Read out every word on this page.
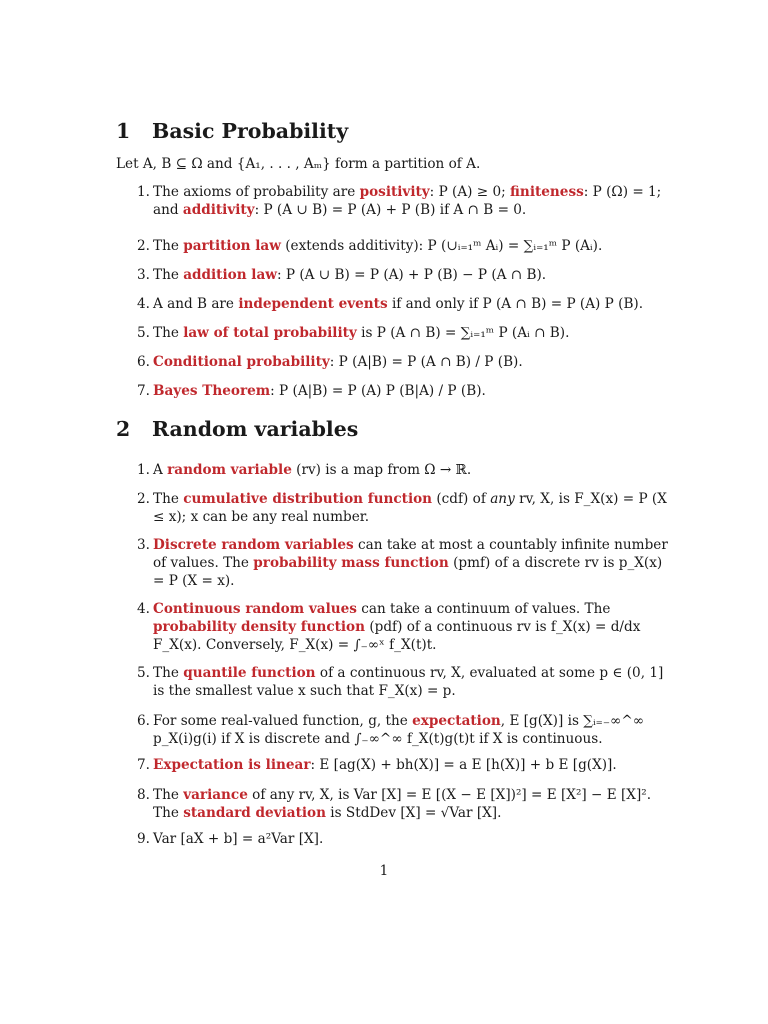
1 Basic Probability
Let A, B ⊆ Ω and {A₁, . . . , Aₘ} form a partition of A.
1. The axioms of probability are positivity: P (A) ≥ 0; finiteness: P (Ω) = 1; and additivity: P (A ∪ B) = P (A) + P (B) if A ∩ B = 0.
2. The partition law (extends additivity): P (∪ᵢ₌₁ᵐ Aᵢ) = ∑ᵢ₌₁ᵐ P (Aᵢ).
3. The addition law: P (A ∪ B) = P (A) + P (B) − P (A ∩ B).
4. A and B are independent events if and only if P (A ∩ B) = P (A) P (B).
5. The law of total probability is P (A ∩ B) = ∑ᵢ₌₁ᵐ P (Aᵢ ∩ B).
6. Conditional probability: P (A|B) = P (A ∩ B) / P (B).
7. Bayes Theorem: P (A|B) = P (A) P (B|A) / P (B).
2 Random variables
1. A random variable (rv) is a map from Ω → ℝ.
2. The cumulative distribution function (cdf) of any rv, X, is F_X(x) = P (X ≤ x); x can be any real number.
3. Discrete random variables can take at most a countably infinite number of values. The probability mass function (pmf) of a discrete rv is p_X(x) = P (X = x).
4. Continuous random values can take a continuum of values. The probability density function (pdf) of a continuous rv is f_X(x) = d/dx F_X(x). Conversely, F_X(x) = ∫₋∞ˣ f_X(t)t.
5. The quantile function of a continuous rv, X, evaluated at some p ∈ (0, 1] is the smallest value x such that F_X(x) = p.
6. For some real-valued function, g, the expectation, E [g(X)] is ∑ᵢ₌₋∞^∞ p_X(i)g(i) if X is discrete and ∫₋∞^∞ f_X(t)g(t)t if X is continuous.
7. Expectation is linear: E [ag(X) + bh(X)] = a E [h(X)] + b E [g(X)].
8. The variance of any rv, X, is Var [X] = E [(X − E [X])²] = E [X²] − E [X]². The standard deviation is StdDev [X] = √Var [X].
9. Var [aX + b] = a²Var [X].
1
